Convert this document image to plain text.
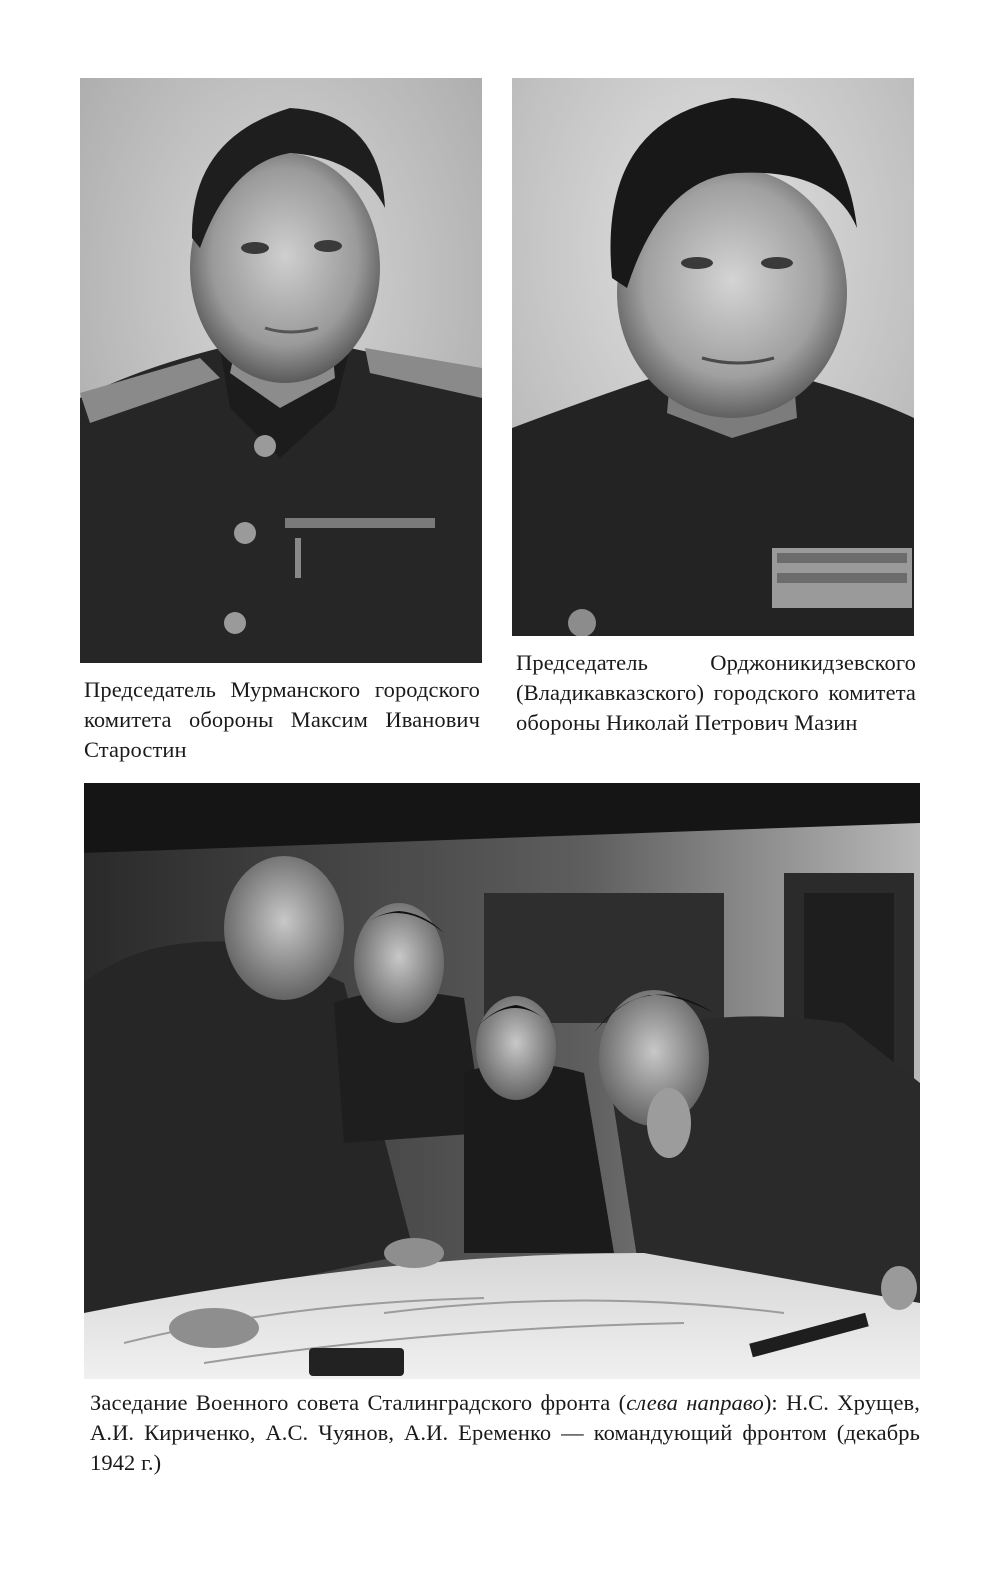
Председатель Мурманского городского комитета обороны Максим Иванович Старостин
Председатель Орджоникидзевского (Владикавказского) городского комитета обороны Николай Петрович Мазин
Заседание Военного совета Сталинградского фронта (слева направо): Н.С. Хрущев, А.И. Кириченко, А.С. Чуянов, А.И. Еременко — командующий фронтом (декабрь 1942 г.)
